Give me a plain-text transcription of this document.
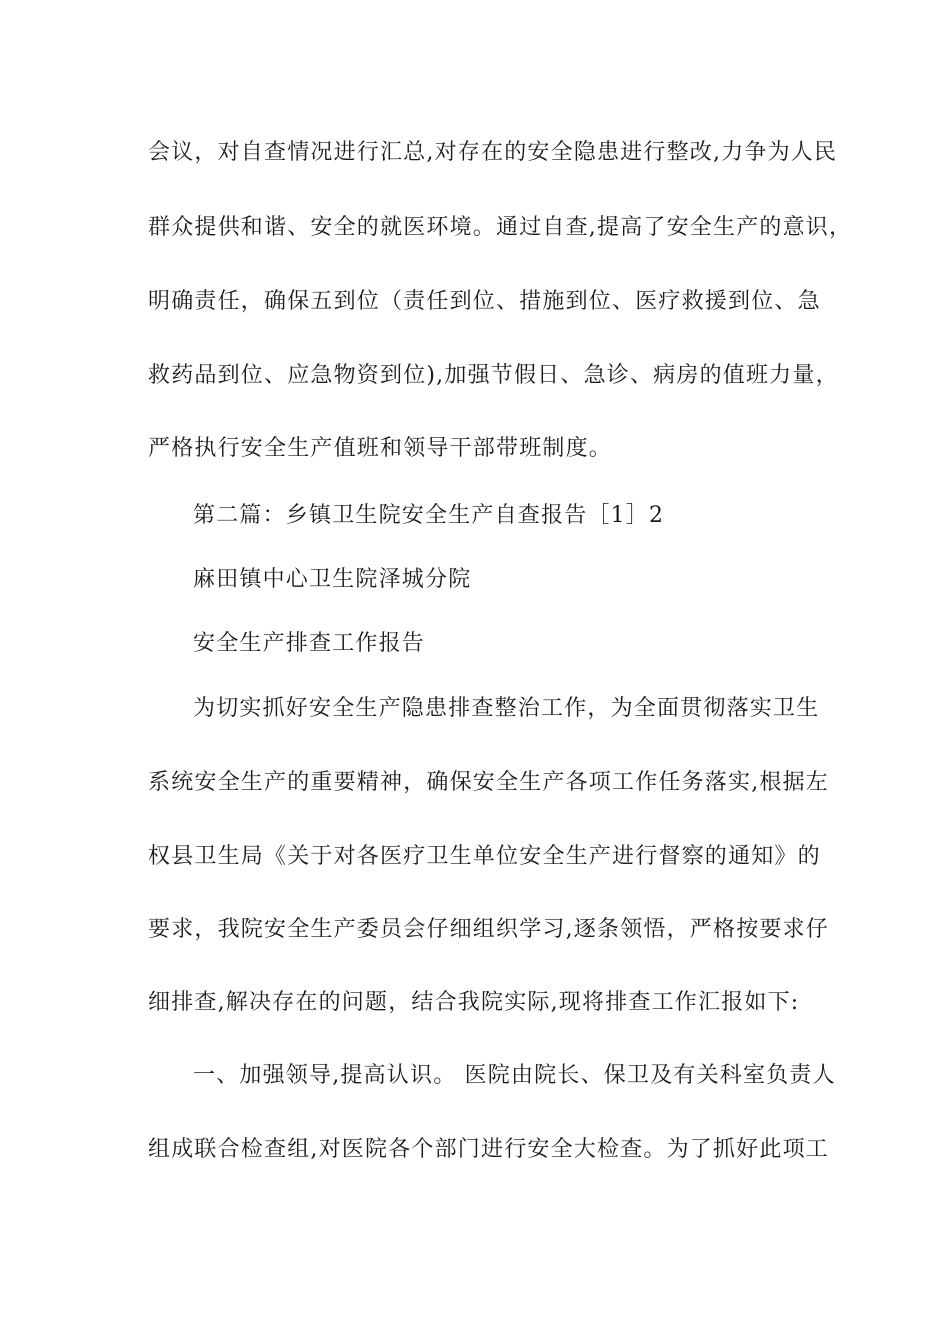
会议，对自查情况进行汇总,对存在的安全隐患进行整改,力争为人民
群众提供和谐、安全的就医环境。通过自查,提高了安全生产的意识，
明确责任，确保五到位（责任到位、措施到位、医疗救援到位、急
救药品到位、应急物资到位),加强节假日、急诊、病房的值班力量，
严格执行安全生产值班和领导干部带班制度。
第二篇：乡镇卫生院安全生产自查报告［1］2
麻田镇中心卫生院泽城分院
安全生产排查工作报告
为切实抓好安全生产隐患排查整治工作，为全面贯彻落实卫生
系统安全生产的重要精神，确保安全生产各项工作任务落实,根据左
权县卫生局《关于对各医疗卫生单位安全生产进行督察的通知》的
要求，我院安全生产委员会仔细组织学习,逐条领悟，严格按要求仔
细排查,解决存在的问题，结合我院实际,现将排查工作汇报如下:
一、加强领导,提高认识。 医院由院长、保卫及有关科室负责人
组成联合检查组,对医院各个部门进行安全大检查。为了抓好此项工
